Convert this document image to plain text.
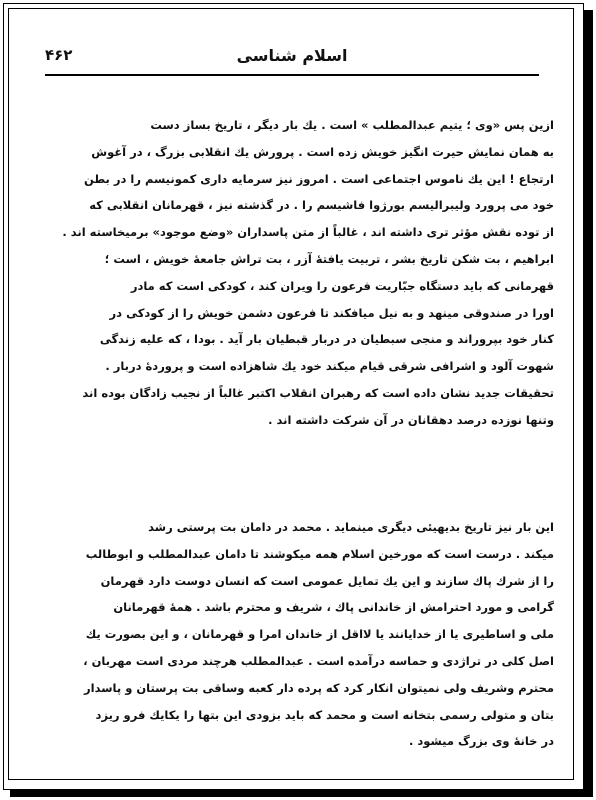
اسلام شناسی
۴۶۲
ازین پس «وی ؛ یتیم عبدالمطلب » است . یك بار دیگر ، تاریخ بساز دست
به همان نمایش حیرت انگیز خویش زده است . پرورش یك انقلابی بزرگ ، در آغوش
ارتجاع ! این یك ناموس اجتماعی است . امروز نیز سرمایه داری کمونیسم را در بطن
خود می پرورد ولیبرالیسم بورژوا فاشیسم را . در گذشته نیز ، قهرمانان انقلابی که
از توده نقش مؤثر تری داشته اند ، غالباً از متن پاسداران «وضع موجود» برمیخاسته اند .
ابراهیم ، بت شکن تاریخ بشر ، تربیت یافتهٔ آزر ، بت تراش جامعهٔ خویش ، است ؛
قهرمانی که باید دستگاه جبّاریت فرعون را ویران کند ، کودکی است که مادر
اورا در صندوقی مینهد و به نیل میافکند تا فرعون دشمن خویش را از کودکی در
کنار خود بپروراند و منجی سبطیان در دربار قبطیان بار آید . بودا ، که علیه زندگی
شهوت آلود و اشرافی شرقی قیام میکند خود یك شاهزاده است و پروردهٔ دربار .
تحقیقات جدید نشان داده است که رهبران انقلاب اکتبر غالباً از نجیب زادگان بوده اند
وتنها نوزده درصد دهقانان در آن شرکت داشته اند .
این بار نیز تاریخ بدیهیئی دیگری مینماید . محمد در دامان بت پرستی رشد
میکند . درست است که مورخین اسلام همه میکوشند تا دامان عبدالمطلب و ابوطالب
را از شرك پاك سازند و این یك تمایل عمومی است که انسان دوست دارد قهرمان
گرامی و مورد احترامش از خاندانی پاك ، شریف و محترم باشد . همهٔ قهرمانان
ملی و اساطیری یا از خدایانند یا لااقل از خاندان امرا و قهرمانان ، و این بصورت یك
اصل کلی در تراژدی و حماسه درآمده است . عبدالمطلب هرچند مردی است مهربان ،
محترم وشریف ولی نمیتوان انکار کرد که پرده دار کعبه وساقی بت پرستان و پاسدار
بتان و متولی رسمی بتخانه است و محمد که باید بزودی این بتها را یکایك فرو ریزد
در خانهٔ وی بزرگ میشود .
